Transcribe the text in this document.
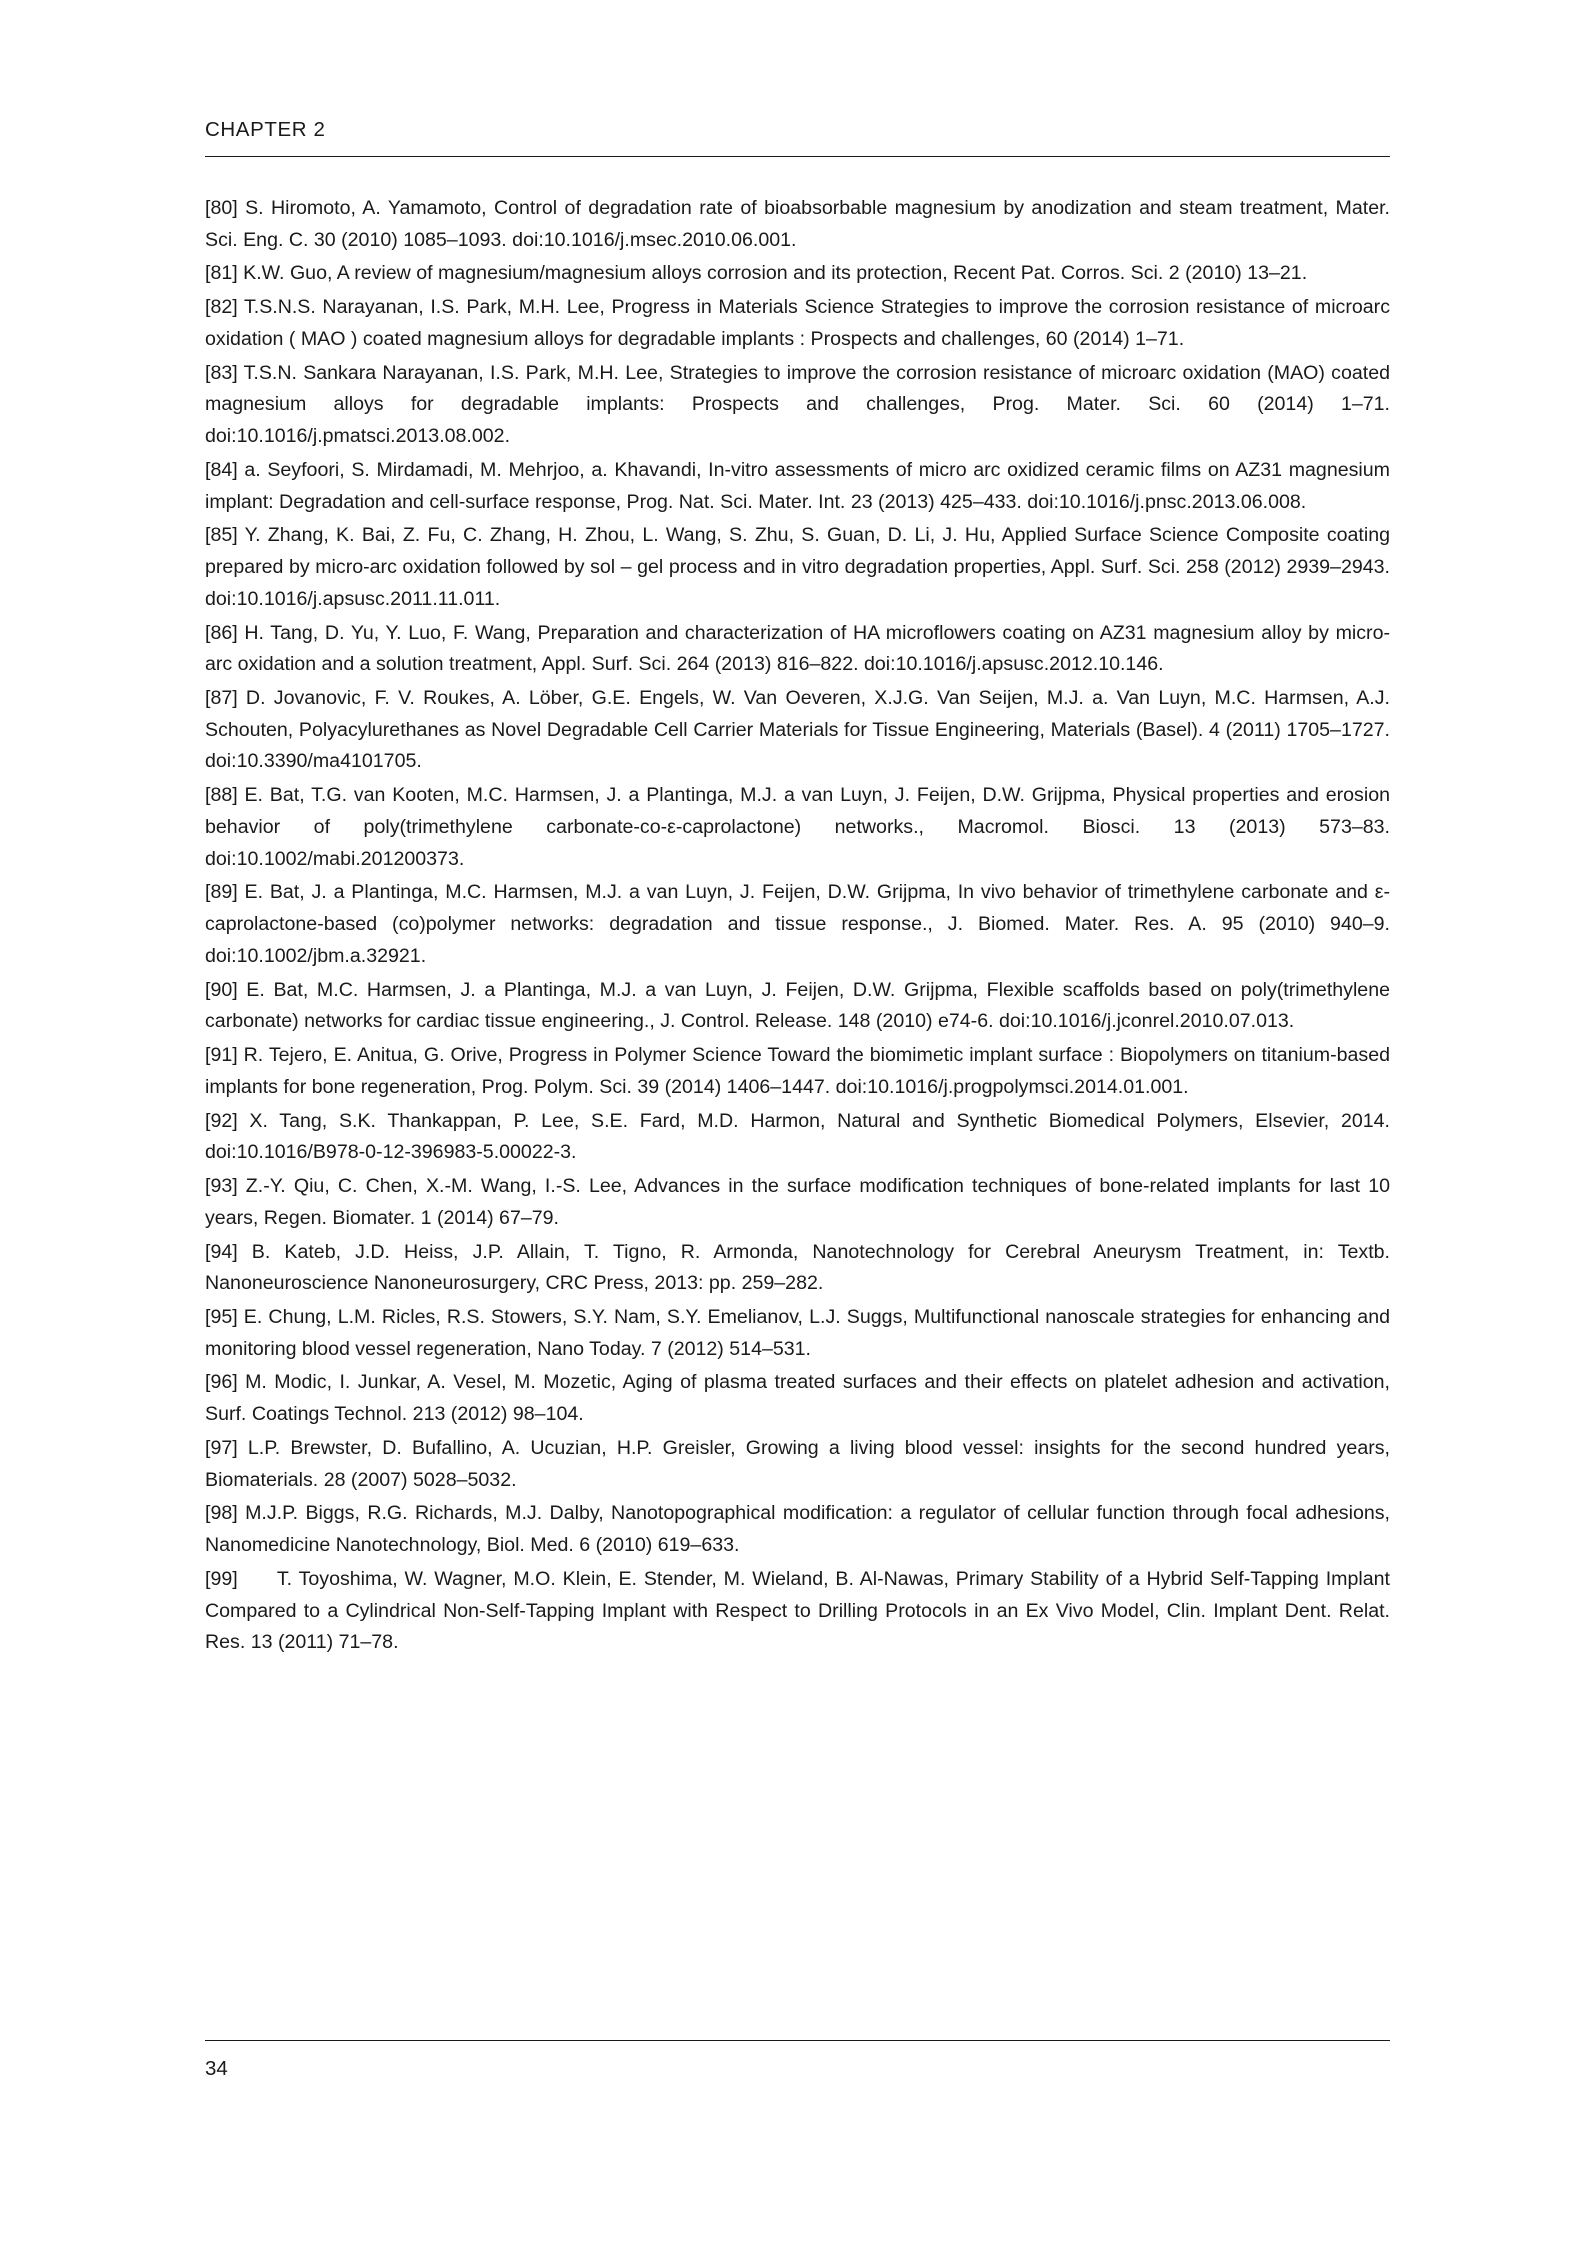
CHAPTER 2
[80] S. Hiromoto, A. Yamamoto, Control of degradation rate of bioabsorbable magnesium by anodization and steam treatment, Mater. Sci. Eng. C. 30 (2010) 1085–1093. doi:10.1016/j.msec.2010.06.001.
[81] K.W. Guo, A review of magnesium/magnesium alloys corrosion and its protection, Recent Pat. Corros. Sci. 2 (2010) 13–21.
[82] T.S.N.S. Narayanan, I.S. Park, M.H. Lee, Progress in Materials Science Strategies to improve the corrosion resistance of microarc oxidation ( MAO ) coated magnesium alloys for degradable implants : Prospects and challenges, 60 (2014) 1–71.
[83] T.S.N. Sankara Narayanan, I.S. Park, M.H. Lee, Strategies to improve the corrosion resistance of microarc oxidation (MAO) coated magnesium alloys for degradable implants: Prospects and challenges, Prog. Mater. Sci. 60 (2014) 1–71. doi:10.1016/j.pmatsci.2013.08.002.
[84] a. Seyfoori, S. Mirdamadi, M. Mehrjoo, a. Khavandi, In-vitro assessments of micro arc oxidized ceramic films on AZ31 magnesium implant: Degradation and cell-surface response, Prog. Nat. Sci. Mater. Int. 23 (2013) 425–433. doi:10.1016/j.pnsc.2013.06.008.
[85] Y. Zhang, K. Bai, Z. Fu, C. Zhang, H. Zhou, L. Wang, S. Zhu, S. Guan, D. Li, J. Hu, Applied Surface Science Composite coating prepared by micro-arc oxidation followed by sol – gel process and in vitro degradation properties, Appl. Surf. Sci. 258 (2012) 2939–2943. doi:10.1016/j.apsusc.2011.11.011.
[86] H. Tang, D. Yu, Y. Luo, F. Wang, Preparation and characterization of HA microflowers coating on AZ31 magnesium alloy by micro-arc oxidation and a solution treatment, Appl. Surf. Sci. 264 (2013) 816–822. doi:10.1016/j.apsusc.2012.10.146.
[87] D. Jovanovic, F. V. Roukes, A. Löber, G.E. Engels, W. Van Oeveren, X.J.G. Van Seijen, M.J. a. Van Luyn, M.C. Harmsen, A.J. Schouten, Polyacylurethanes as Novel Degradable Cell Carrier Materials for Tissue Engineering, Materials (Basel). 4 (2011) 1705–1727. doi:10.3390/ma4101705.
[88] E. Bat, T.G. van Kooten, M.C. Harmsen, J. a Plantinga, M.J. a van Luyn, J. Feijen, D.W. Grijpma, Physical properties and erosion behavior of poly(trimethylene carbonate-co-ε-caprolactone) networks., Macromol. Biosci. 13 (2013) 573–83. doi:10.1002/mabi.201200373.
[89] E. Bat, J. a Plantinga, M.C. Harmsen, M.J. a van Luyn, J. Feijen, D.W. Grijpma, In vivo behavior of trimethylene carbonate and ε-caprolactone-based (co)polymer networks: degradation and tissue response., J. Biomed. Mater. Res. A. 95 (2010) 940–9. doi:10.1002/jbm.a.32921.
[90] E. Bat, M.C. Harmsen, J. a Plantinga, M.J. a van Luyn, J. Feijen, D.W. Grijpma, Flexible scaffolds based on poly(trimethylene carbonate) networks for cardiac tissue engineering., J. Control. Release. 148 (2010) e74-6. doi:10.1016/j.jconrel.2010.07.013.
[91] R. Tejero, E. Anitua, G. Orive, Progress in Polymer Science Toward the biomimetic implant surface : Biopolymers on titanium-based implants for bone regeneration, Prog. Polym. Sci. 39 (2014) 1406–1447. doi:10.1016/j.progpolymsci.2014.01.001.
[92] X. Tang, S.K. Thankappan, P. Lee, S.E. Fard, M.D. Harmon, Natural and Synthetic Biomedical Polymers, Elsevier, 2014. doi:10.1016/B978-0-12-396983-5.00022-3.
[93] Z.-Y. Qiu, C. Chen, X.-M. Wang, I.-S. Lee, Advances in the surface modification techniques of bone-related implants for last 10 years, Regen. Biomater. 1 (2014) 67–79.
[94] B. Kateb, J.D. Heiss, J.P. Allain, T. Tigno, R. Armonda, Nanotechnology for Cerebral Aneurysm Treatment, in: Textb. Nanoneuroscience Nanoneurosurgery, CRC Press, 2013: pp. 259–282.
[95] E. Chung, L.M. Ricles, R.S. Stowers, S.Y. Nam, S.Y. Emelianov, L.J. Suggs, Multifunctional nanoscale strategies for enhancing and monitoring blood vessel regeneration, Nano Today. 7 (2012) 514–531.
[96] M. Modic, I. Junkar, A. Vesel, M. Mozetic, Aging of plasma treated surfaces and their effects on platelet adhesion and activation, Surf. Coatings Technol. 213 (2012) 98–104.
[97] L.P. Brewster, D. Bufallino, A. Ucuzian, H.P. Greisler, Growing a living blood vessel: insights for the second hundred years, Biomaterials. 28 (2007) 5028–5032.
[98] M.J.P. Biggs, R.G. Richards, M.J. Dalby, Nanotopographical modification: a regulator of cellular function through focal adhesions, Nanomedicine Nanotechnology, Biol. Med. 6 (2010) 619–633.
[99]  T. Toyoshima, W. Wagner, M.O. Klein, E. Stender, M. Wieland, B. Al-Nawas, Primary Stability of a Hybrid Self-Tapping Implant Compared to a Cylindrical Non-Self-Tapping Implant with Respect to Drilling Protocols in an Ex Vivo Model, Clin. Implant Dent. Relat. Res. 13 (2011) 71–78.
34
